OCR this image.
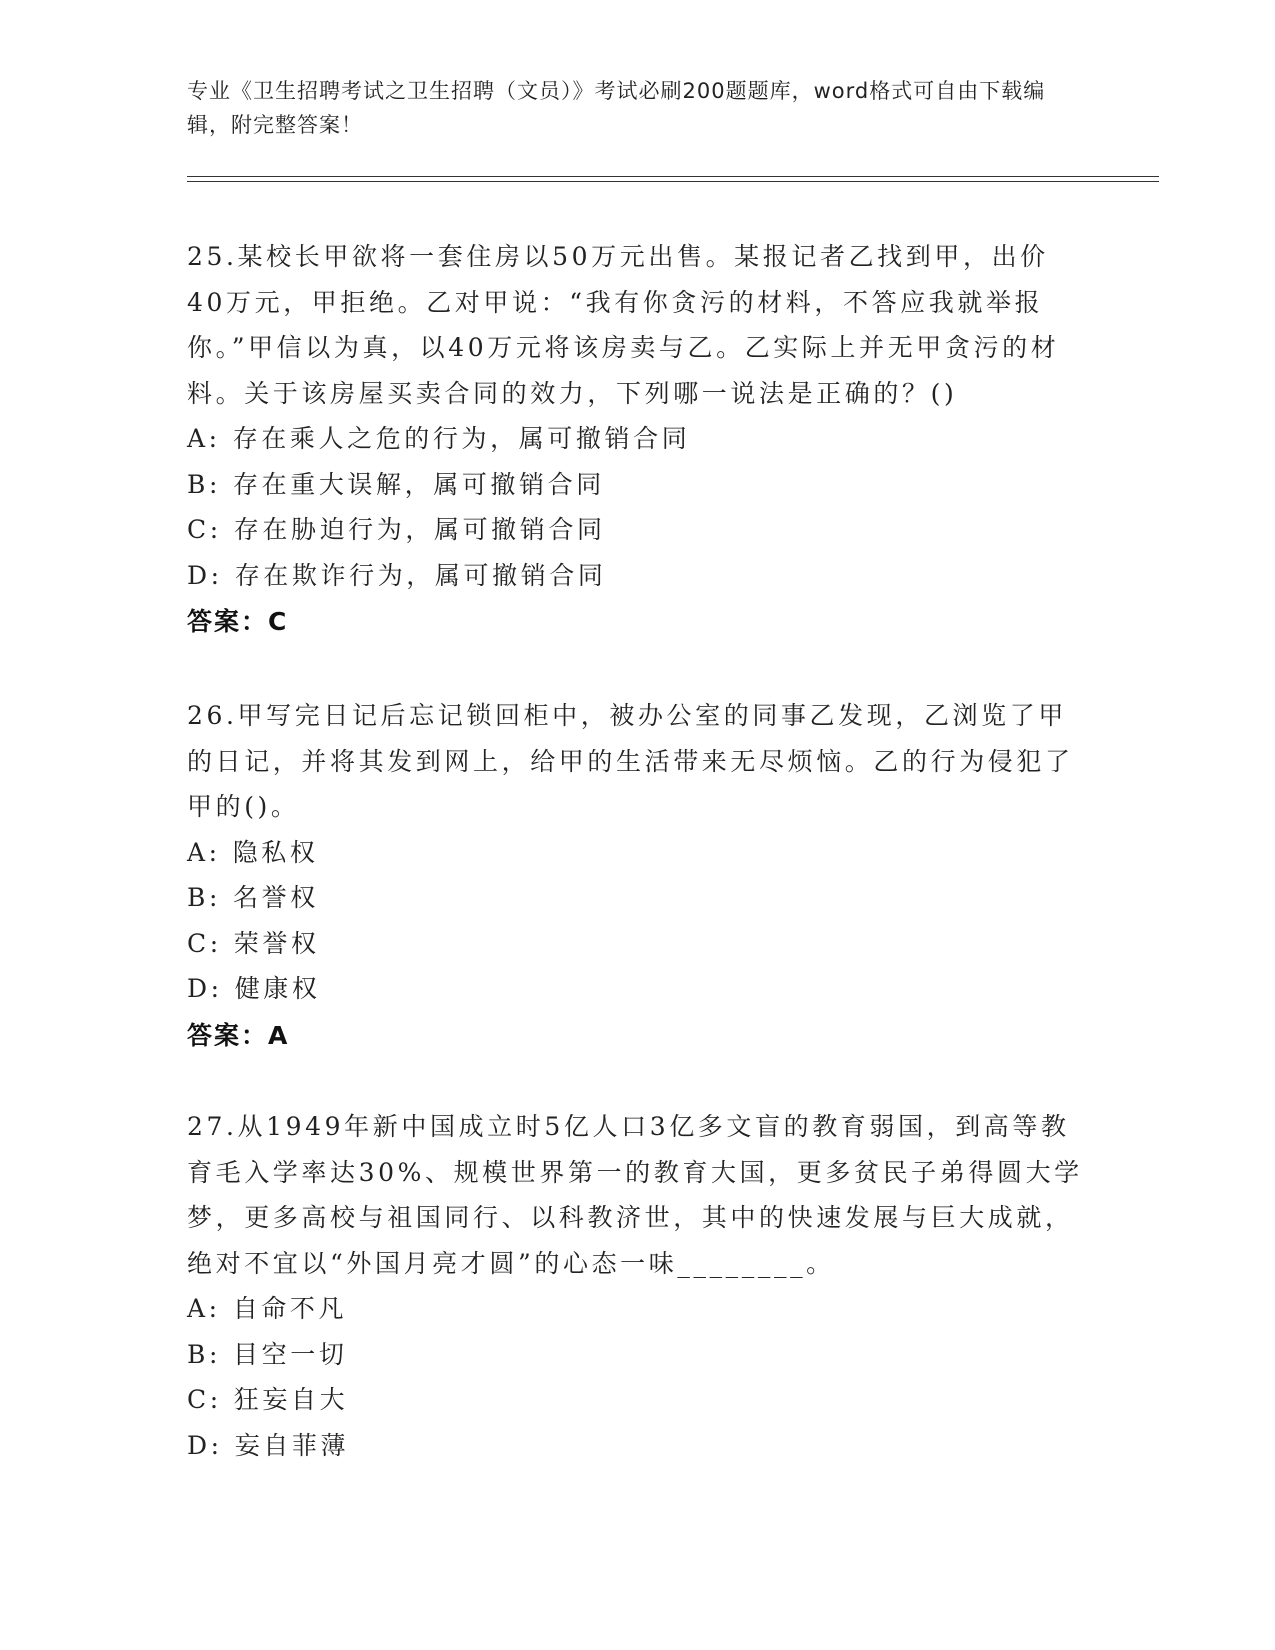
专业《卫生招聘考试之卫生招聘（文员）》考试必刷200题题库，word格式可自由下载编辑，附完整答案！

25.某校长甲欲将一套住房以50万元出售。某报记者乙找到甲，出价40万元，甲拒绝。乙对甲说：“我有你贪污的材料，不答应我就举报你。”甲信以为真，以40万元将该房卖与乙。乙实际上并无甲贪污的材料。关于该房屋买卖合同的效力，下列哪一说法是正确的？()

A : 存在乘人之危的行为，属可撤销合同
B : 存在重大误解，属可撤销合同
C : 存在胁迫行为，属可撤销合同
D : 存在欺诈行为，属可撤销合同
答案：C

26.甲写完日记后忘记锁回柜中，被办公室的同事乙发现，乙浏览了甲的日记，并将其发到网上，给甲的生活带来无尽烦恼。乙的行为侵犯了甲的()。

A : 隐私权
B : 名誉权
C : 荣誉权
D : 健康权
答案：A

27.从1949年新中国成立时5亿人口3亿多文盲的教育弱国，到高等教育毛入学率达30%、规模世界第一的教育大国，更多贫民子弟得圆大学梦，更多高校与祖国同行、以科教济世，其中的快速发展与巨大成就，绝对不宜以“外国月亮才圆”的心态一味________。

A : 自命不凡
B : 目空一切
C : 狂妄自大
D : 妄自菲薄
